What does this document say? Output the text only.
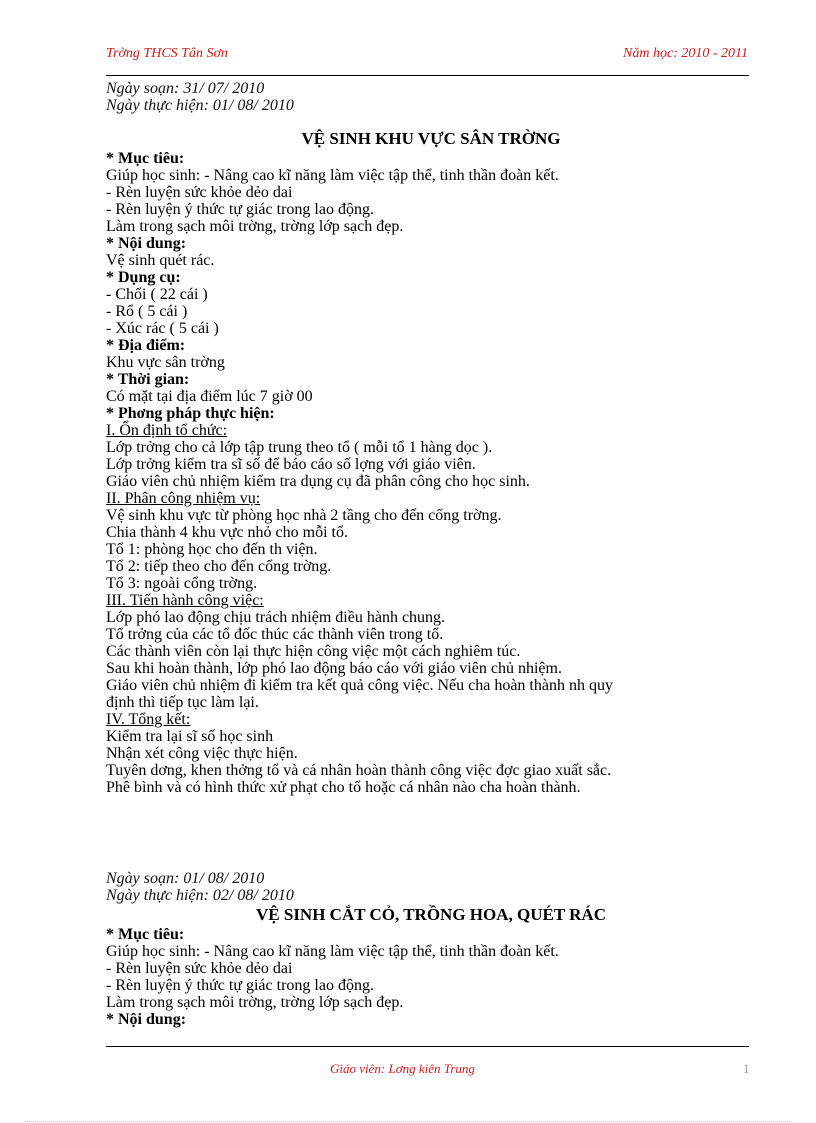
Trờng THCS Tân Sơn	Năm học: 2010 - 2011
Ngày soạn: 31/ 07/ 2010
Ngày thực hiện: 01/ 08/ 2010
VỆ SINH KHU VỰC SÂN TRỜNG
* Mục tiêu:
Giúp học sinh: - Nâng cao kĩ năng làm việc tập thể, tinh thần đoàn kết.
- Rèn luyện sức khỏe dẻo dai
- Rèn luyện ý thức tự giác trong lao động.
Làm trong sạch môi trờng, trờng lớp sạch đẹp.
* Nội dung:
Vệ sinh quét rác.
* Dụng cụ:
- Chổi ( 22 cái )
- Rổ ( 5 cái )
- Xúc rác ( 5 cái )
* Địa điểm:
Khu vực sân trờng
* Thời gian:
Có mặt tại địa điểm lúc 7 giờ 00
* Phơng pháp thực hiện:
I. Ổn định tổ chức:
Lớp trởng cho cả lớp tập trung theo tổ ( mỗi tổ 1 hàng dọc ).
Lớp trởng kiểm tra sĩ số để báo cáo số lợng với giáo viên.
Giáo viên chủ nhiệm kiểm tra dụng cụ đã phân công cho học sinh.
II. Phân công nhiệm vụ:
Vệ sinh khu vực từ phòng học nhà 2 tầng cho đến cổng trờng.
Chia thành 4 khu vực nhỏ cho mỗi tổ.
Tổ 1: phòng học cho đến th viện.
Tổ 2: tiếp theo cho đến cổng trờng.
Tổ 3: ngoài cổng trờng.
III. Tiến hành công việc:
Lớp phó lao động chịu trách nhiệm điều hành chung.
Tổ trởng của các tổ đốc thúc các thành viên trong tổ.
Các thành viên còn lại thực hiện công việc một cách nghiêm túc.
Sau khi hoàn thành, lớp phó lao động báo cáo với giáo viên chủ nhiệm.
Giáo viên chủ nhiệm đi kiểm tra kết quả công việc. Nếu cha hoàn thành nh quy
định thì tiếp tục làm lại.
IV. Tổng kết:
Kiểm tra lại sĩ số học sinh
Nhận xét công việc thực hiện.
Tuyên dơng, khen thởng tổ và cá nhân hoàn thành công việc đợc giao xuất sắc.
Phê bình và có hình thức xử phạt cho tổ hoặc cá nhân nào cha hoàn thành.
Ngày soạn: 01/ 08/ 2010
Ngày thực hiện: 02/ 08/ 2010
VỆ SINH CẮT CỎ, TRỒNG HOA, QUÉT RÁC
* Mục tiêu:
Giúp học sinh: - Nâng cao kĩ năng làm việc tập thể, tinh thần đoàn kết.
- Rèn luyện sức khỏe dẻo dai
- Rèn luyện ý thức tự giác trong lao động.
Làm trong sạch môi trờng, trờng lớp sạch đẹp.
* Nội dung:
Giáo viên: Lơng kiên Trung	1
